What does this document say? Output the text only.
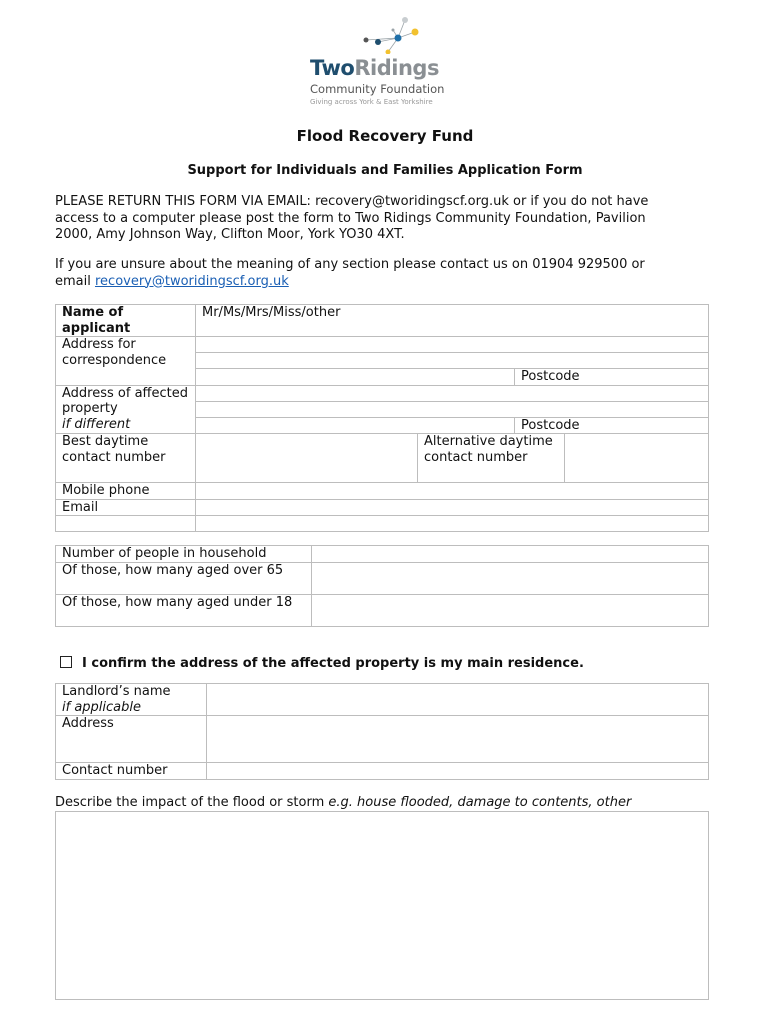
TwoRidings
Community Foundation
Giving across York & East Yorkshire
Flood Recovery Fund
Support for Individuals and Families Application Form
PLEASE RETURN THIS FORM VIA EMAIL: recovery@tworidingscf.org.uk or if you do not have
access to a computer please post the form to Two Ridings Community Foundation, Pavilion
2000, Amy Johnson Way, Clifton Moor, York YO30 4XT.
If you are unsure about the meaning of any section please contact us on 01904 929500 or
email recovery@tworidingscf.org.uk
Name of applicant	Mr/Ms/Mrs/Miss/other		
Address for correspondence			

			Postcode
Address of affected property
if different			

			Postcode
Best daytime contact number		Alternative daytime contact number	

Mobile phone			
Email			

Number of people in household	
Of those, how many aged over 65	
Of those, how many aged under 18	
I confirm the address of the affected property is my main residence.
Landlord’s name
if applicable	
Address	
Contact number	
Describe the impact of the flood or storm e.g. house flooded, damage to contents, other
